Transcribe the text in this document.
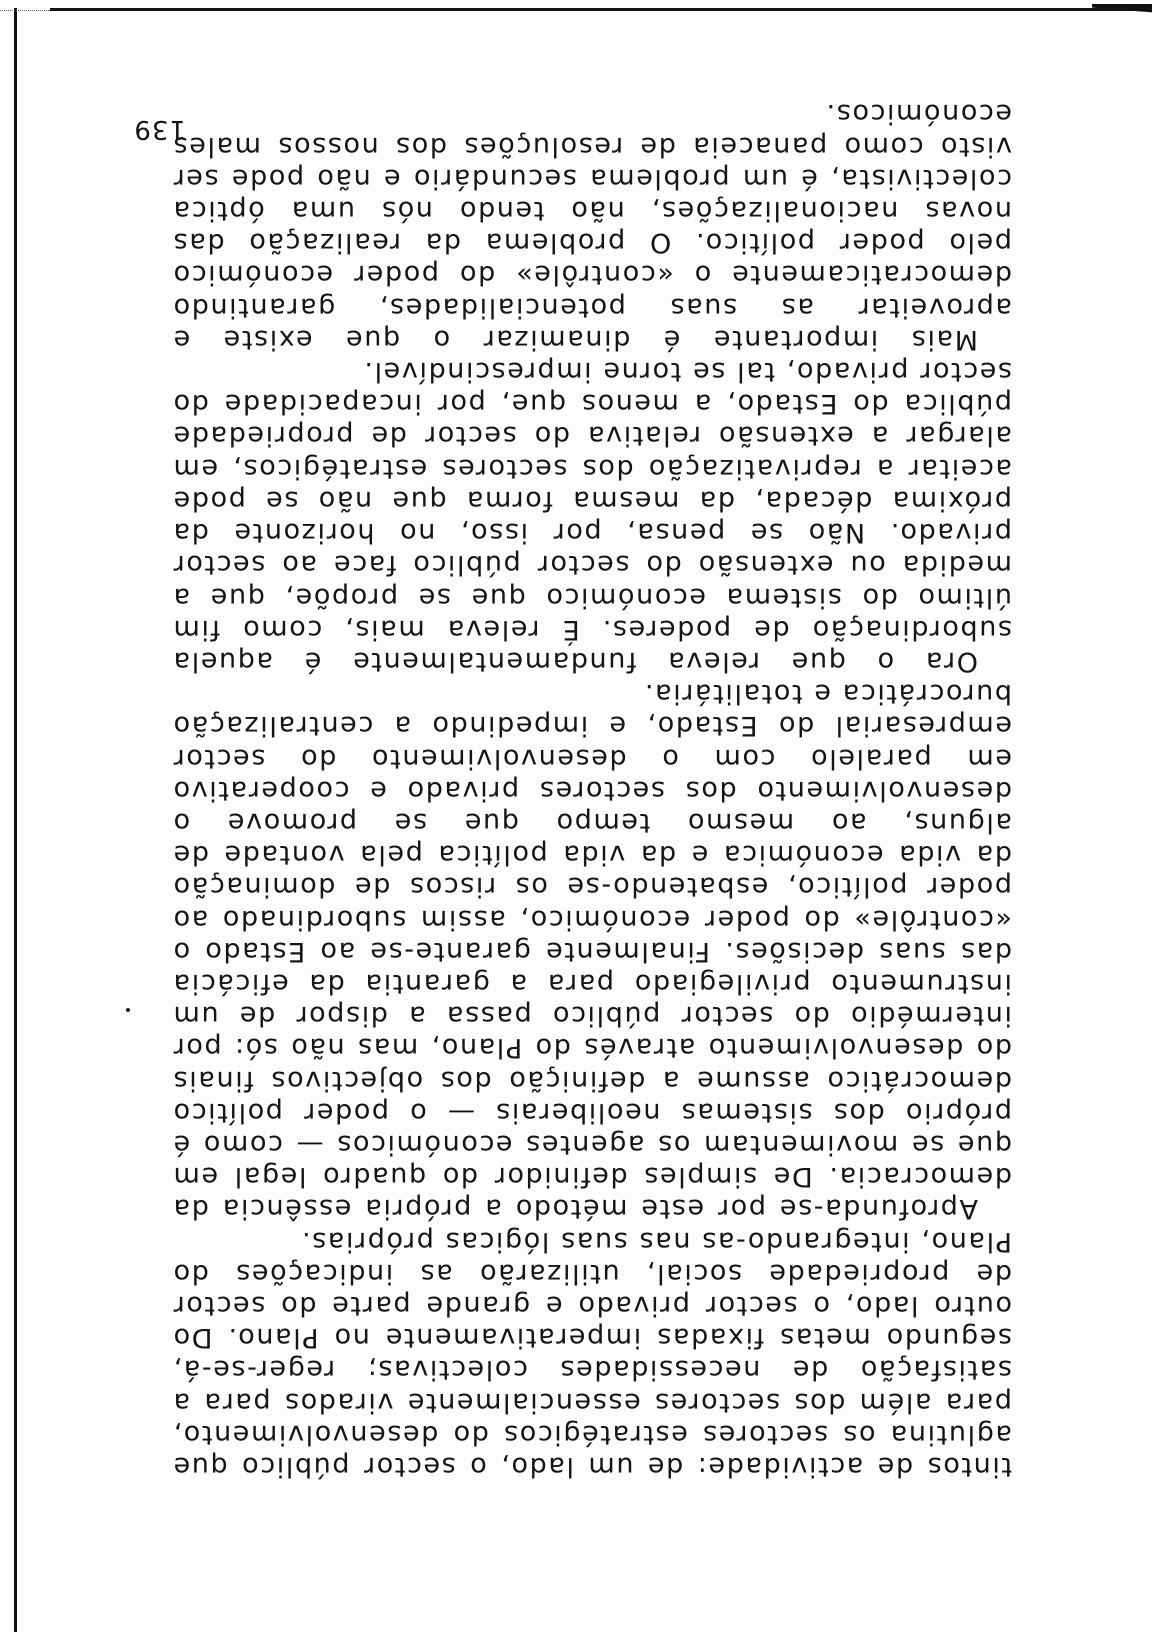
tintos de actividade: de um lado, o sector público que aglutina os sectores estratégicos do desenvolvimento, para além dos sectores essencialmente virados para a satisfação de necessidades colectivas; reger-se-á, segundo metas fixadas imperativamente no Plano. Do outro lado, o sector privado e grande parte do sector de propriedade social, utilizarão as indicações do Plano, integrando-as nas suas lógicas próprias.

Aprofunda-se por este método a própria essência da democracia. De simples definidor do quadro legal em que se movimentam os agentes económicos — como é próprio dos sistemas neoliberais — o poder político democrático assume a definição dos objectivos finais do desenvolvimento através do Plano, mas não só: por intermédio do sector público passa a dispor de um instrumento privilegiado para a garantia da eficácia das suas decisões. Finalmente garante-se ao Estado o «contrôle» do poder económico, assim subordinado ao poder político, esbatendo-se os riscos de dominação da vida económica e da vida política pela vontade de alguns, ao mesmo tempo que se promove o desenvolvimento dos sectores privado e cooperativo em paralelo com o desenvolvimento do sector empresarial do Estado, e impedindo a centralização burocrática e totalitária.

Ora o que releva fundamentalmente é aquela subordinação de poderes. É releva mais, como fim último do sistema económico que se propõe, que a medida ou extensão do sector público face ao sector privado. Não se pensa, por isso, no horizonte da próxima década, da mesma forma que não se pode aceitar a reprivatização dos sectores estratégicos, em alargar a extensão relativa do sector de propriedade pública do Estado, a menos que, por incapacidade do sector privado, tal se torne imprescindível.

Mais importante é dinamizar o que existe e aproveitar as suas potencialidades, garantindo democraticamente o «contrôle» do poder económico pelo poder político. O problema da realização das novas nacionalizações, não tendo nós uma óptica colectivista, é um problema secundário e não pode ser visto como panaceia de resoluções dos nossos males económicos.

139
